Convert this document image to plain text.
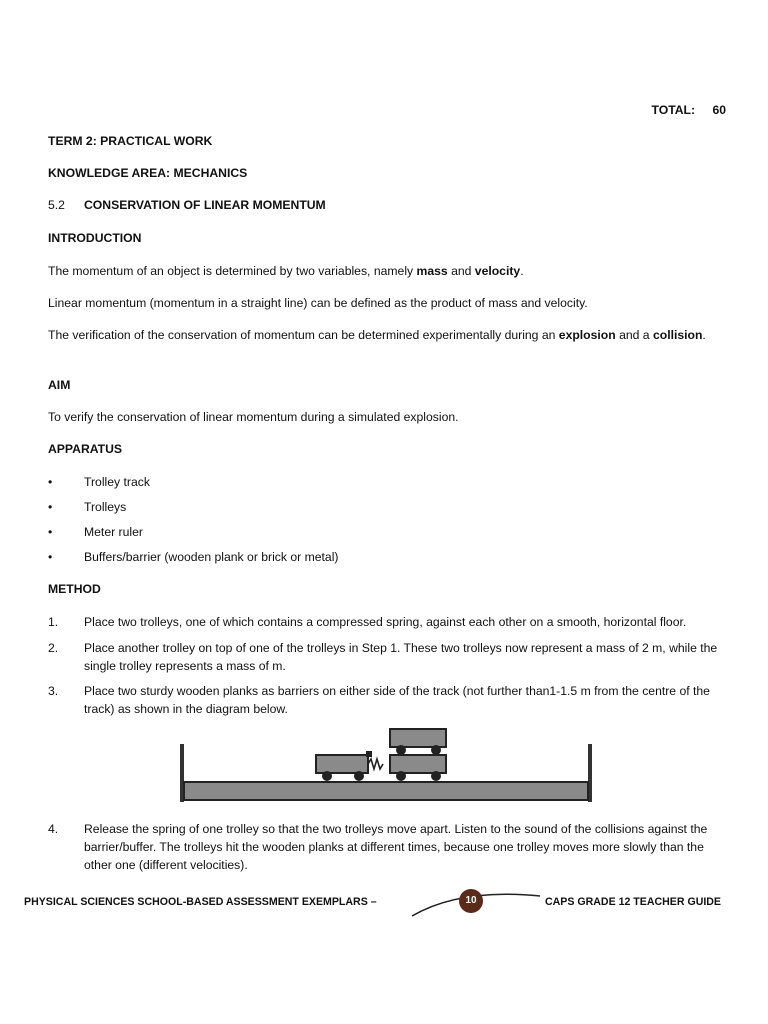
TOTAL: 60

TERM 2: PRACTICAL WORK

KNOWLEDGE AREA: MECHANICS

5.2 CONSERVATION OF LINEAR MOMENTUM

INTRODUCTION

The momentum of an object is determined by two variables, namely mass and velocity.

Linear momentum (momentum in a straight line) can be defined as the product of mass and velocity.

The verification of the conservation of momentum can be determined experimentally during an explosion and a collision.

AIM

To verify the conservation of linear momentum during a simulated explosion.

APPARATUS

•	Trolley track
•	Trolleys
•	Meter ruler
•	Buffers/barrier (wooden plank or brick or metal)

METHOD

1. Place two trolleys, one of which contains a compressed spring, against each other on a smooth, horizontal floor.
2. Place another trolley on top of one of the trolleys in Step 1. These two trolleys now represent a mass of 2 m, while the single trolley represents a mass of m.
3. Place two sturdy wooden planks as barriers on either side of the track (not further than1-1.5 m from the centre of the track) as shown in the diagram below.
4. Release the spring of one trolley so that the two trolleys move apart. Listen to the sound of the collisions against the barrier/buffer. The trolleys hit the wooden planks at different times, because one trolley moves more slowly than the other one (different velocities).
PHYSICAL SCIENCES SCHOOL-BASED ASSESSMENT EXEMPLARS –	10	CAPS GRADE 12 TEACHER GUIDE
